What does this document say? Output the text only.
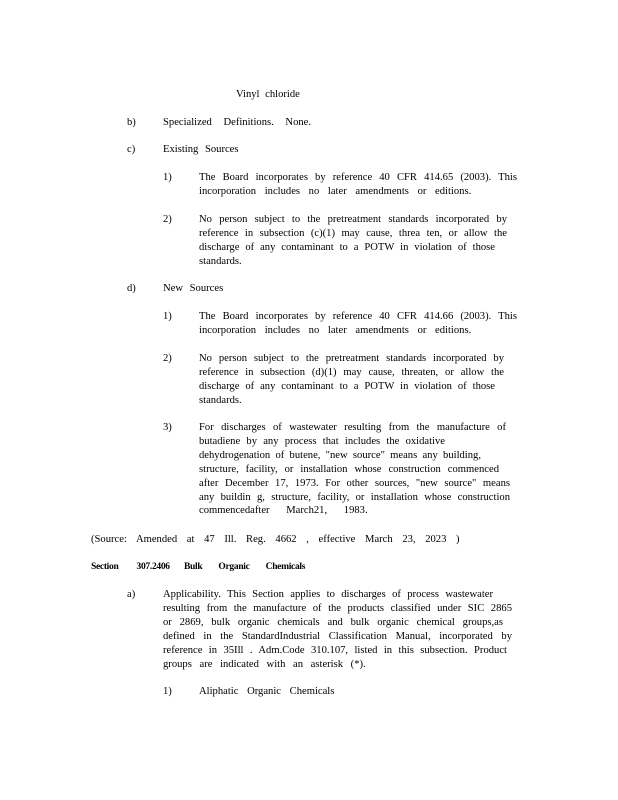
Vinyl chloride
b)	Specialized Definitions. None.
c)	Existing Sources
1)	The Board incorporates by reference 40 CFR 414.65 (2003). This
incorporation includes no later amendments or editions.
2)	No person subject to the pretreatment standards incorporated by
reference in subsection (c)(1) may cause, threa ten, or allow the
discharge of any contaminant to a POTW in violation of those
standards.
d)	New Sources
1)	The Board incorporates by reference 40 CFR 414.66 (2003). This
incorporation includes no later amendments or editions.
2)	No person subject to the pretreatment standards incorporated by
reference in subsection (d)(1) may cause, threaten, or allow the
discharge of any contaminant to a POTW in violation of those
standards.
3)	For discharges of wastewater resulting from the manufacture of
butadiene by any process that includes the oxidative
dehydrogenation of butene, "new source" means any building,
structure, facility, or installation whose construction commenced
after December 17, 1973. For other sources, "new source" means
any buildin g, structure, facility, or installation whose construction
commencedafter March21, 1983.
(Source: Amended at 47 Ill. Reg. 4662 , effective March 23, 2023 )
Section 307.2406 Bulk Organic Chemicals
a)	Applicability. This Section applies to discharges of process wastewater
resulting from the manufacture of the products classified under SIC 2865
or 2869, bulk organic chemicals and bulk organic chemical groups,as
defined in the StandardIndustrial Classification Manual, incorporated by
reference in 35Ill . Adm.Code 310.107, listed in this subsection. Product
groups are indicated with an asterisk (*).
1)	Aliphatic Organic Chemicals
